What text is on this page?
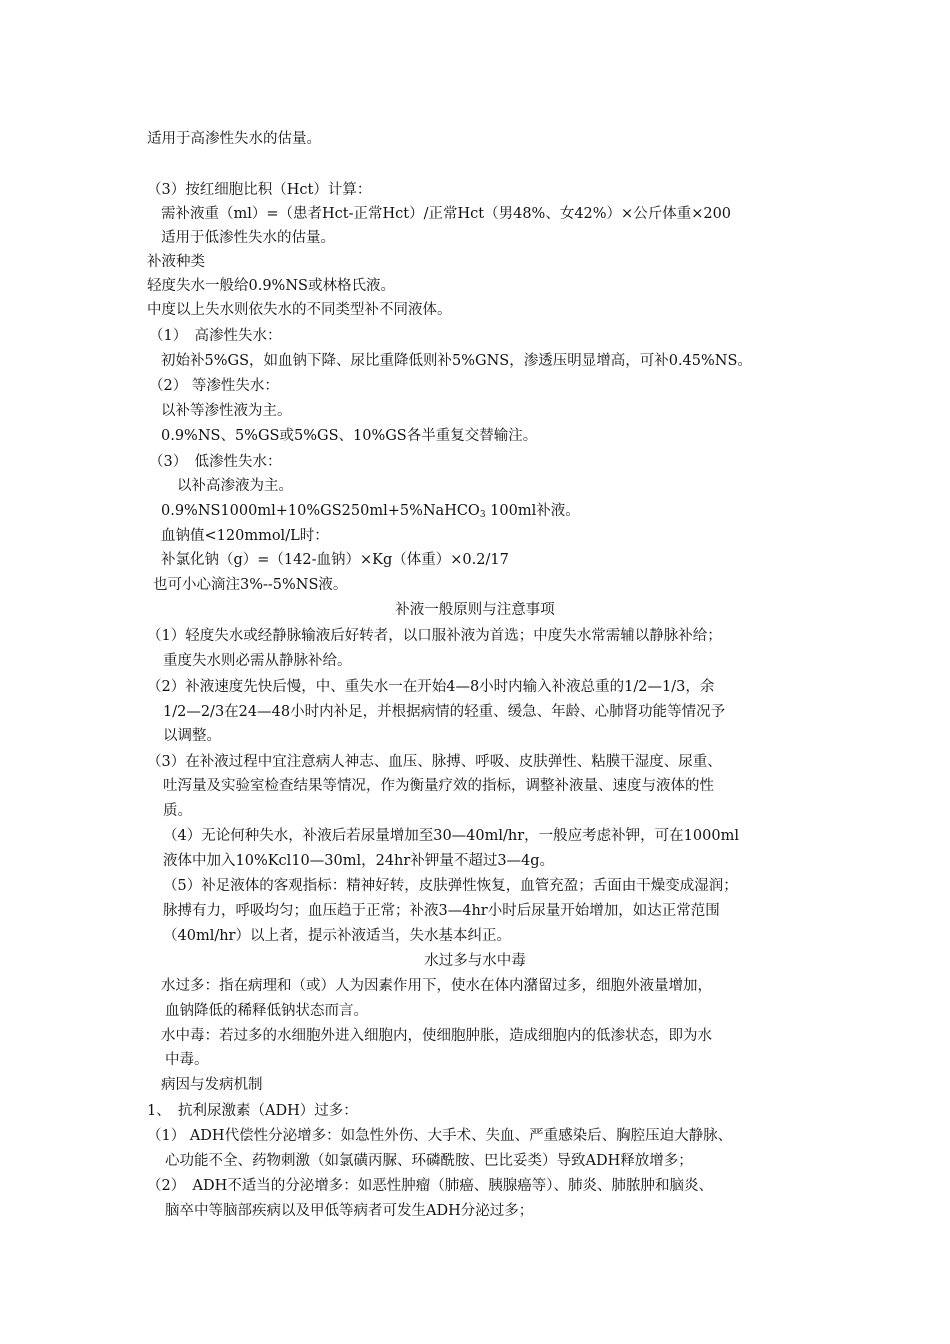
适用于高渗性失水的估量。
（3）按红细胞比积（Hct）计算：
需补液重（ml）=（患者Hct-正常Hct）/正常Hct（男48%、女42%）×公斤体重×200
适用于低渗性失水的估量。
补液种类
轻度失水一般给0.9%NS或林格氏液。
中度以上失水则依失水的不同类型补不同液体。
（1）　高渗性失水：
初始补5%GS，如血钠下降、尿比重降低则补5%GNS，渗透压明显增高，可补0.45%NS。
（2） 等渗性失水：
以补等渗性液为主。
0.9%NS、5%GS或5%GS、10%GS各半重复交替输注。
（3）　低渗性失水：
以补高渗液为主。
0.9%NS1000ml+10%GS250ml+5%NaHCO$_3$ 100ml补液。
血钠值<120mmol/L时：
补氯化钠（g）=（142-血钠）×Kg（体重）×0.2/17
也可小心滴注3%--5%NS液。
补液一般原则与注意事项
（1）轻度失水或经静脉输液后好转者，以口服补液为首选；中度失水常需辅以静脉补给；
重度失水则必需从静脉补给。
（2）补液速度先快后慢，中、重失水一在开始4—8小时内输入补液总重的1/2—1/3，余
1/2—2/3在24—48小时内补足，并根据病情的轻重、缓急、年龄、心肺肾功能等情况予
以调整。
（3）在补液过程中宜注意病人神志、血压、脉搏、呼吸、皮肤弹性、粘膜干湿度、尿重、
吐泻量及实验室检查结果等情况，作为衡量疗效的指标，调整补液量、速度与液体的性
质。
（4）无论何种失水，补液后若尿量增加至30—40ml/hr，一般应考虑补钾，可在1000ml
液体中加入10%Kcl10—30ml，24hr补钾量不超过3—4g。
（5）补足液体的客观指标：精神好转，皮肤弹性恢复，血管充盈；舌面由干燥变成湿润；
脉搏有力，呼吸均匀；血压趋于正常；补液3—4hr小时后尿量开始增加，如达正常范围
（40ml/hr）以上者，提示补液适当，失水基本纠正。
水过多与水中毒
水过多：指在病理和（或）人为因素作用下，使水在体内潴留过多，细胞外液量增加，
血钠降低的稀释低钠状态而言。
水中毒：若过多的水细胞外进入细胞内，使细胞肿胀，造成细胞内的低渗状态，即为水
中毒。
病因与发病机制
1、　抗利尿激素（ADH）过多：
（1） ADH代偿性分泌增多：如急性外伤、大手术、失血、严重感染后、胸腔压迫大静脉、
心功能不全、药物刺激（如氯磺丙脲、环磷酰胺、巴比妥类）导致ADH释放增多；
（2）　ADH不适当的分泌增多：如恶性肿瘤（肺癌、胰腺癌等）、肺炎、肺脓肿和脑炎、
脑卒中等脑部疾病以及甲低等病者可发生ADH分泌过多；
